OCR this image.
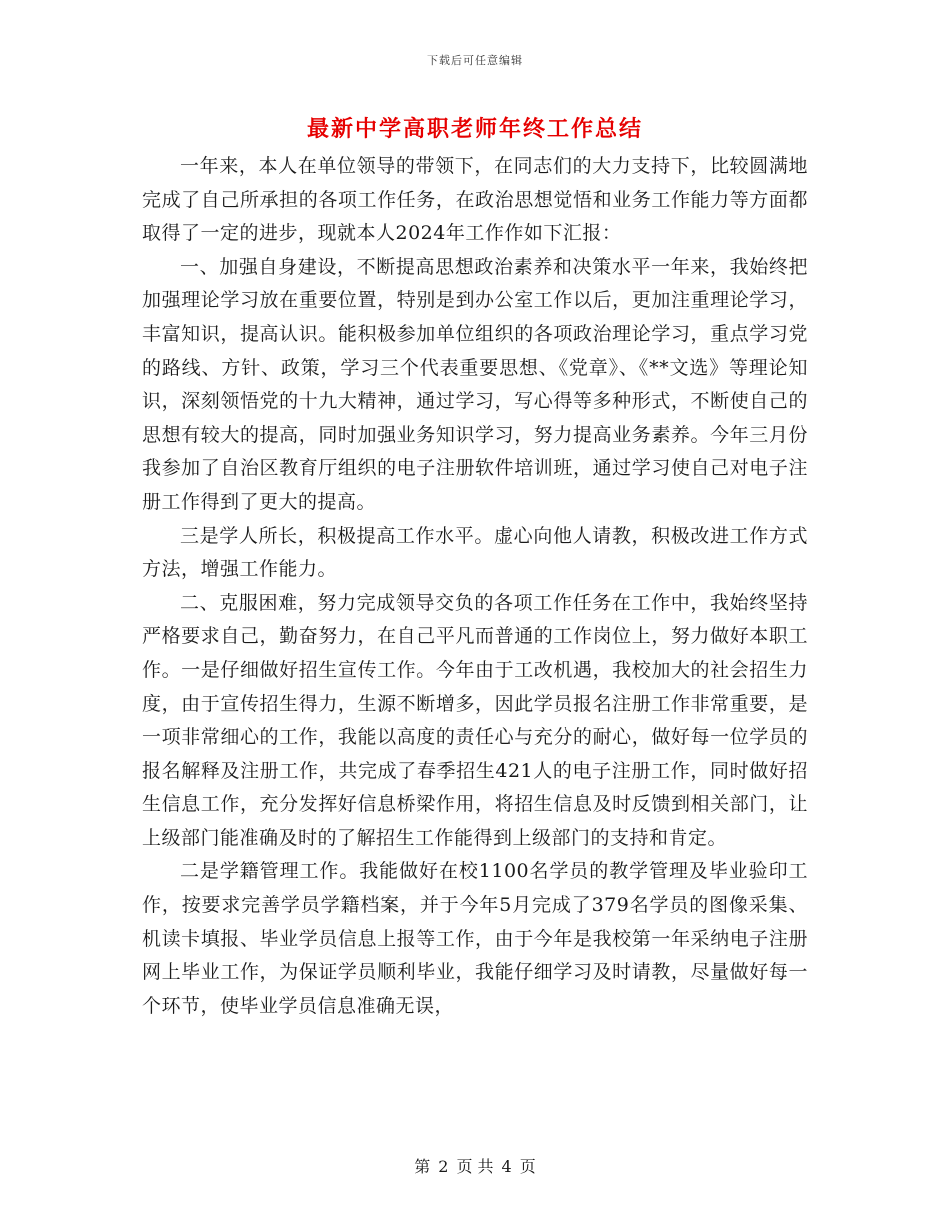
下载后可任意编辑
最新中学高职老师年终工作总结

一年来，本人在单位领导的带领下，在同志们的大力支持下，比较圆满地完成了自己所承担的各项工作任务，在政治思想觉悟和业务工作能力等方面都取得了一定的进步，现就本人2024年工作作如下汇报：

一、加强自身建设，不断提高思想政治素养和决策水平一年来，我始终把加强理论学习放在重要位置，特别是到办公室工作以后，更加注重理论学习，丰富知识，提高认识。能积极参加单位组织的各项政治理论学习，重点学习党的路线、方针、政策，学习三个代表重要思想、《党章》、《**文选》等理论知识，深刻领悟党的十九大精神，通过学习，写心得等多种形式，不断使自己的思想有较大的提高，同时加强业务知识学习，努力提高业务素养。今年三月份我参加了自治区教育厅组织的电子注册软件培训班，通过学习使自己对电子注册工作得到了更大的提高。

三是学人所长，积极提高工作水平。虚心向他人请教，积极改进工作方式方法，增强工作能力。

二、克服困难，努力完成领导交负的各项工作任务在工作中，我始终坚持严格要求自己，勤奋努力，在自己平凡而普通的工作岗位上，努力做好本职工作。一是仔细做好招生宣传工作。今年由于工改机遇，我校加大的社会招生力度，由于宣传招生得力，生源不断增多，因此学员报名注册工作非常重要，是一项非常细心的工作，我能以高度的责任心与充分的耐心，做好每一位学员的报名解释及注册工作，共完成了春季招生421人的电子注册工作，同时做好招生信息工作，充分发挥好信息桥梁作用，将招生信息及时反馈到相关部门，让上级部门能准确及时的了解招生工作能得到上级部门的支持和肯定。

二是学籍管理工作。我能做好在校1100名学员的教学管理及毕业验印工作，按要求完善学员学籍档案，并于今年5月完成了379名学员的图像采集、机读卡填报、毕业学员信息上报等工作，由于今年是我校第一年采纳电子注册网上毕业工作，为保证学员顺利毕业，我能仔细学习及时请教，尽量做好每一个环节，使毕业学员信息准确无误，

第 2 页 共 4 页
